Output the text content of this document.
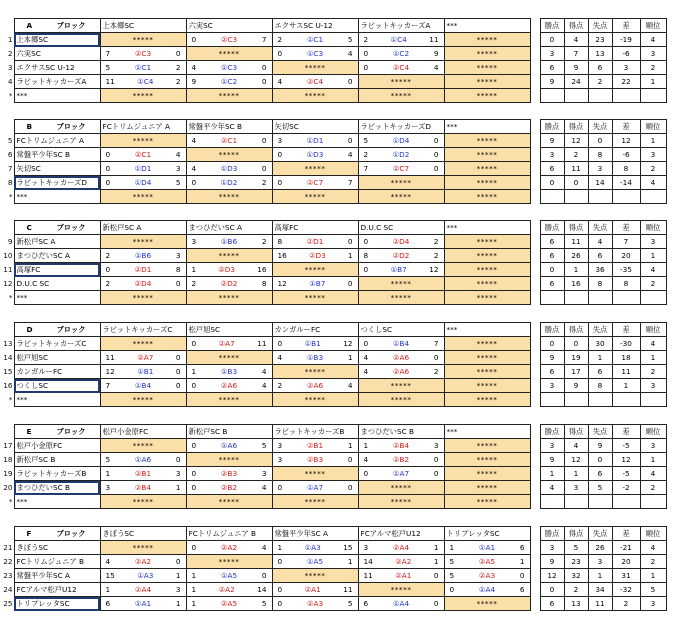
	A ブロック	上本郷SC	六実SC	エクサスSC U-12	ラビットキッカーズA	***		勝点	得点	失点	差	順位
1	上本郷SC	*****	0 ②C3 7	2 ①C1 5	2 ①C4 11	*****		0	4	23	-19	4
2	六実SC	7 ②C3 0	*****	0 ①C3 4	0 ①C2 9	*****		3	7	13	-6	3
3	エクサスSC U-12	5 ①C1 2	4 ①C3 0	*****	0 ②C4 4	*****		6	9	6	3	2
4	ラビットキッカーズA	11 ①C4 2	9 ①C2 0	4 ②C4 0	*****	*****		9	24	2	22	1
*	***	*****	*****	*****	*****	*****						
	B ブロック	FCトリムジュニア A	常盤平少年SC B	矢切SC	ラビットキッカーズD	***		勝点	得点	失点	差	順位
5	FCトリムジュニア A	*****	4 ②C1 0	3 ①D1 0	5 ①D4 0	*****		9	12	0	12	1
6	常盤平少年SC B	0 ②C1 4	*****	0 ①D3 4	2 ①D2 0	*****		3	2	8	-6	3
7	矢切SC	0 ①D1 3	4 ①D3 0	*****	7 ②C7 0	*****		6	11	3	8	2
8	ラビットキッカーズD	0 ①D4 5	0 ①D2 2	0 ②C7 7	*****	*****		0	0	14	-14	4
*	***	*****	*****	*****	*****	*****						
	C ブロック	新松戸SC A	まつひだいSC A	高塚FC	D.U.C SC	***		勝点	得点	失点	差	順位
9	新松戸SC A	*****	3 ①B6 2	8 ②D1 0	0 ②D4 2	*****		6	11	4	7	3
10	まつひだいSC A	2 ①B6 3	*****	16 ②D3 1	8 ②D2 2	*****		6	26	6	20	1
11	高塚FC	0 ②D1 8	1 ②D3 16	*****	0 ①B7 12	*****		0	1	36	-35	4
12	D.U.C SC	2 ②D4 0	2 ②D2 8	12 ①B7 0	*****	*****		6	16	8	8	2
*	***	*****	*****	*****	*****	*****						
	D ブロック	ラビットキッカーズC	松戸旭SC	カンガルーFC	つくしSC	***		勝点	得点	失点	差	順位
13	ラビットキッカーズC	*****	0 ②A7 11	0 ①B1 12	0 ①B4 7	*****		0	0	30	-30	4
14	松戸旭SC	11 ②A7 0	*****	4 ①B3 1	4 ②A6 0	*****		9	19	1	18	1
15	カンガルーFC	12 ①B1 0	1 ①B3 4	*****	4 ②A6 2	*****		6	17	6	11	2
16	つくしSC	7 ①B4 0	0 ②A6 4	2 ②A6 4	*****	*****		3	9	8	1	3
*	***	*****	*****	*****	*****	*****						
	E ブロック	松戸小金原FC	新松戸SC B	ラビットキッカーズB	まつひだいSC B	***		勝点	得点	失点	差	順位
17	松戸小金原FC	*****	0 ①A6 5	3 ②B1 1	1 ②B4 3	*****		3	4	9	-5	3
18	新松戸SC B	5 ①A6 0	*****	3 ②B3 0	4 ②B2 0	*****		9	12	0	12	1
19	ラビットキッカーズB	1 ②B1 3	0 ②B3 3	*****	0 ①A7 0	*****		1	1	6	-5	4
20	まつひだいSC B	3 ②B4 1	0 ②B2 4	0 ①A7 0	*****	*****		4	3	5	-2	2
*	***	*****	*****	*****	*****	*****						
	F ブロック	きぼうSC	FCトリムジュニア B	常盤平少年SC A	FCアルマ松戸U12	トリプレッタSC		勝点	得点	失点	差	順位
21	きぼうSC	*****	0 ②A2 4	1 ①A3 15	3 ②A4 1	1 ①A1 6		3	5	26	-21	4
22	FCトリムジュニア B	4 ②A2 0	*****	0 ①A5 1	14 ②A2 1	5 ②A5 1		9	23	3	20	2
23	常盤平少年SC A	15 ①A3 1	1 ①A5 0	*****	11 ②A1 0	5 ②A3 0		12	32	1	31	1
24	FCアルマ松戸U12	1 ②A4 3	1 ②A2 14	0 ②A1 11	*****	0 ①A4 6		0	2	34	-32	5
25	トリプレッタSC	6 ①A1 1	1 ②A5 5	0 ②A3 5	6 ①A4 0	*****		6	13	11	2	3
